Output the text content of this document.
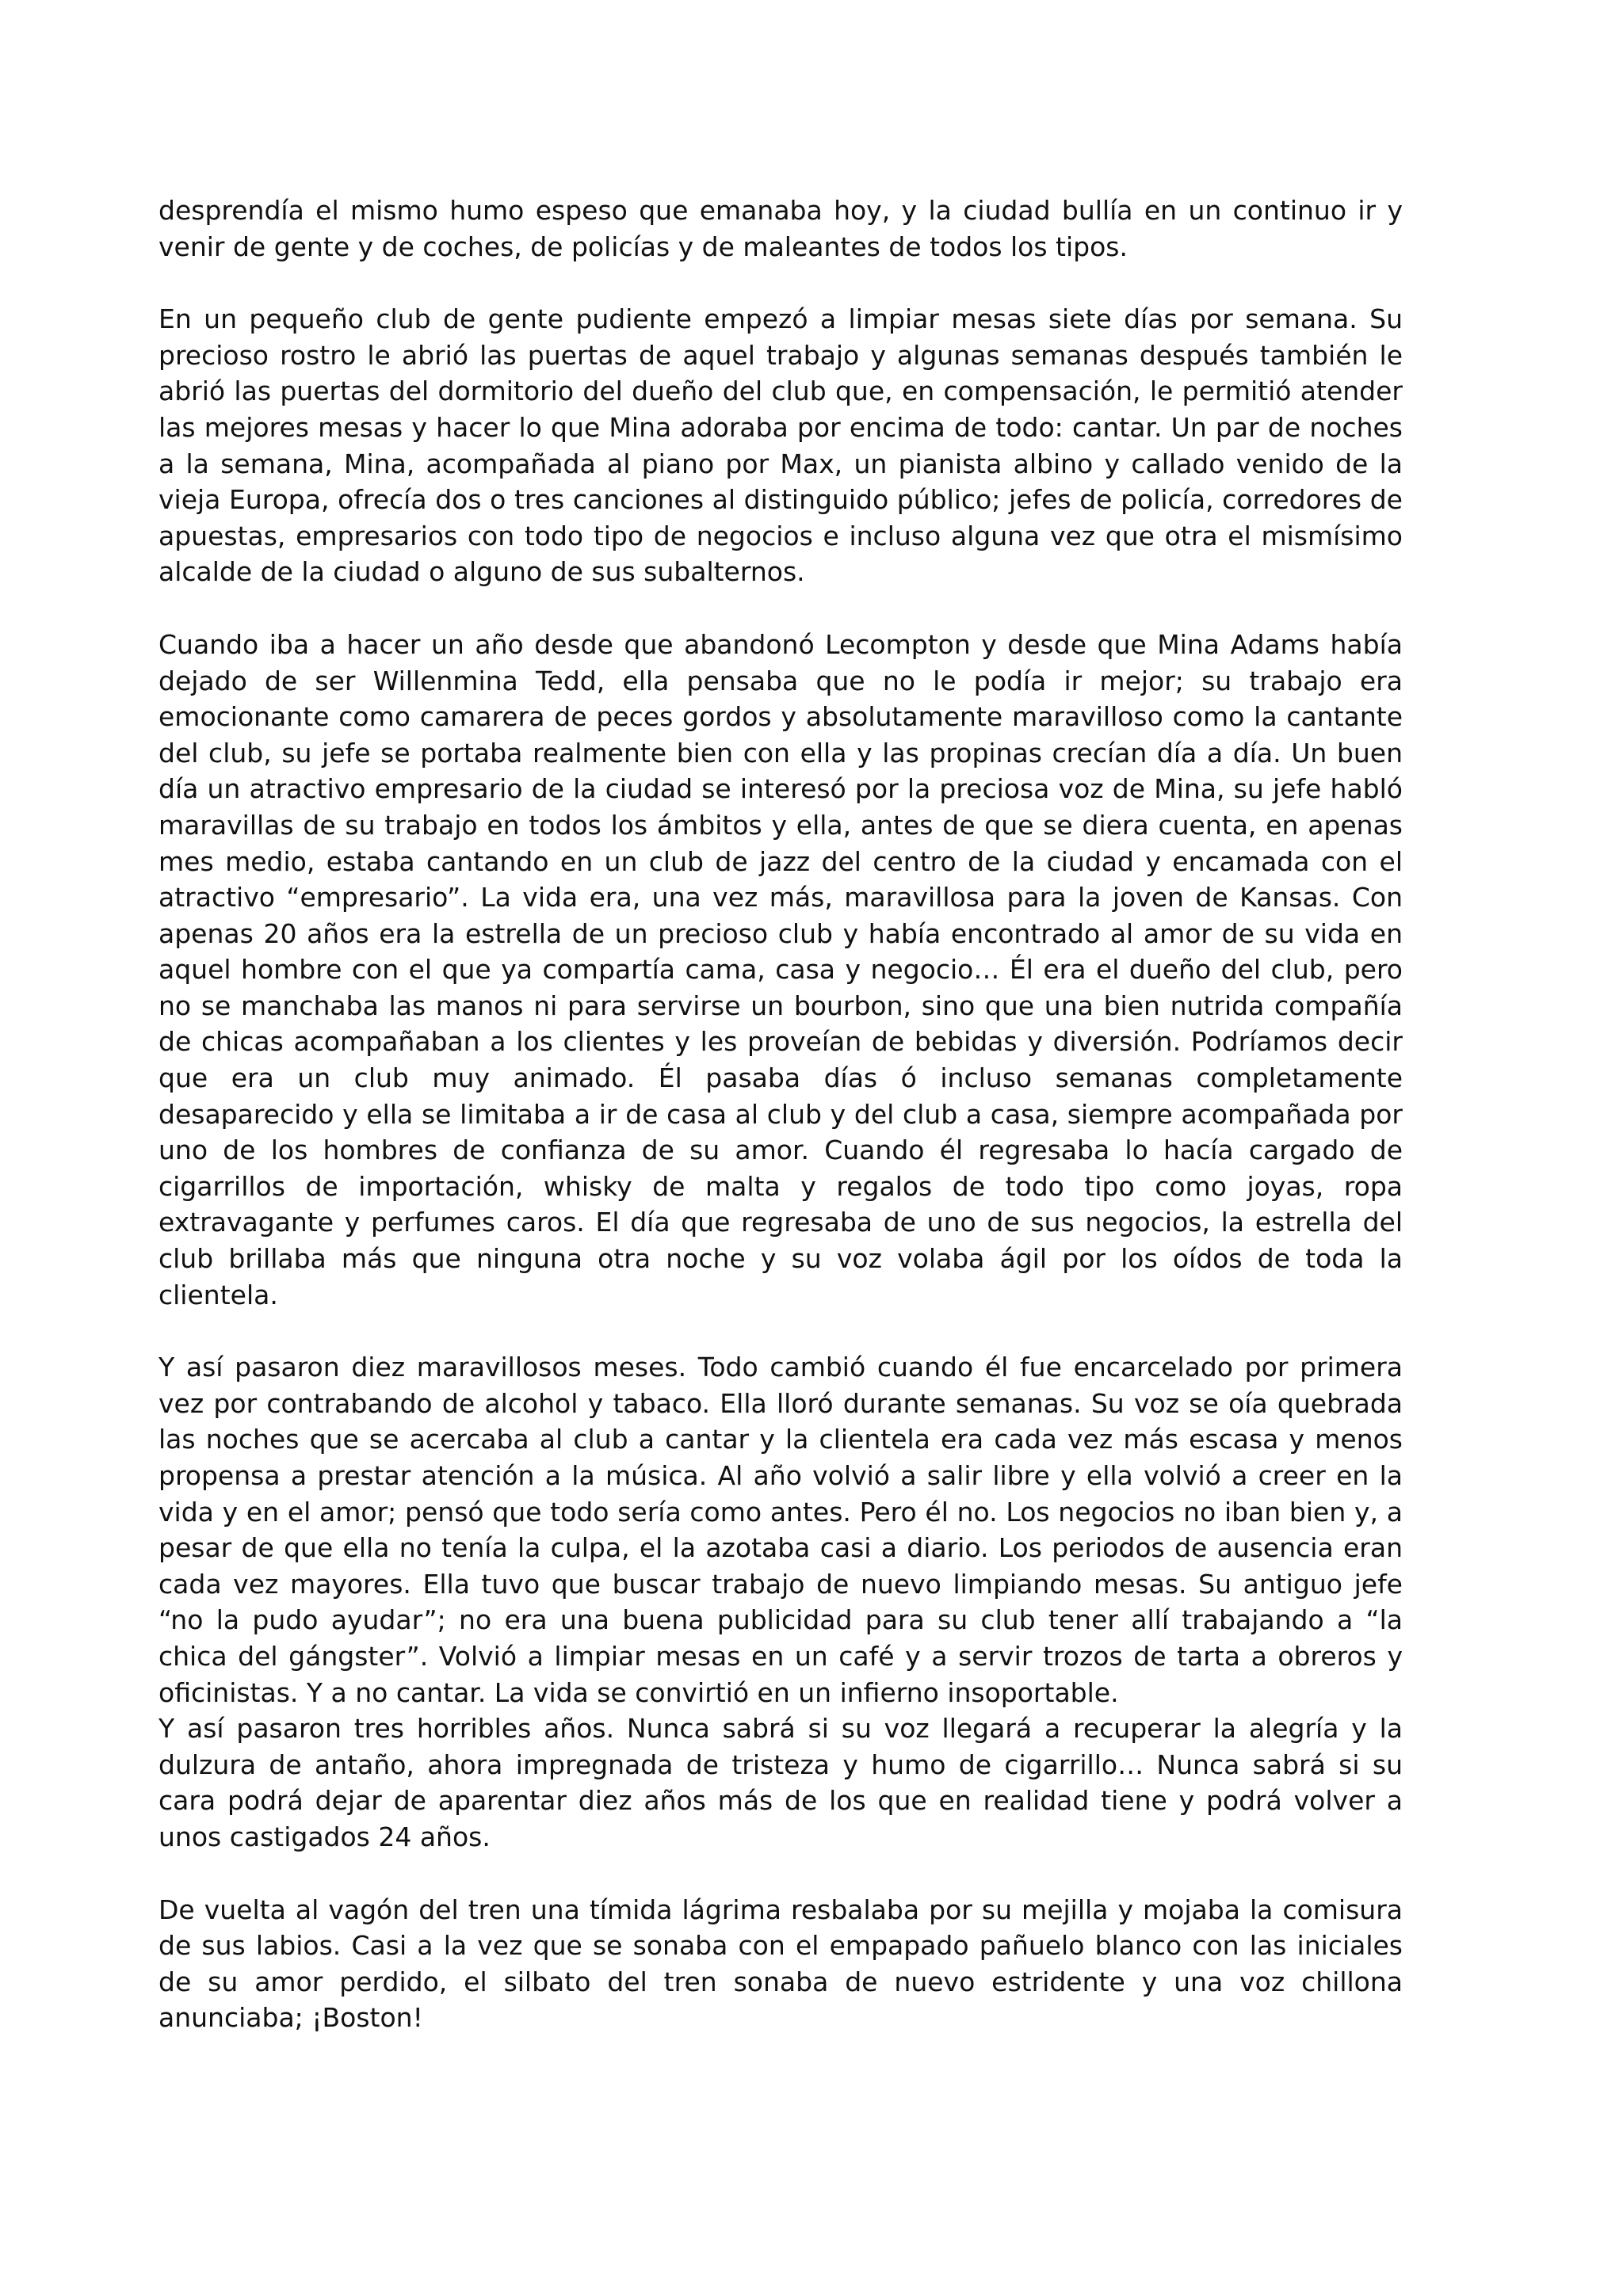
desprendía el mismo humo espeso que emanaba hoy, y la ciudad bullía en un continuo ir y venir de gente y de coches, de policías y de maleantes de todos los tipos.

En un pequeño club de gente pudiente empezó a limpiar mesas siete días por semana. Su precioso rostro le abrió las puertas de aquel trabajo y algunas semanas después también le abrió las puertas del dormitorio del dueño del club que, en compensación, le permitió atender las mejores mesas y hacer lo que Mina adoraba por encima de todo: cantar. Un par de noches a la semana, Mina, acompañada al piano por Max, un pianista albino y callado venido de la vieja Europa, ofrecía dos o tres canciones al distinguido público; jefes de policía, corredores de apuestas, empresarios con todo tipo de negocios e incluso alguna vez que otra el mismísimo alcalde de la ciudad o alguno de sus subalternos.

Cuando iba a hacer un año desde que abandonó Lecompton y desde que Mina Adams había dejado de ser Willenmina Tedd, ella pensaba que no le podía ir mejor; su trabajo era emocionante como camarera de peces gordos y absolutamente maravilloso como la cantante del club, su jefe se portaba realmente bien con ella y las propinas crecían día a día. Un buen día un atractivo empresario de la ciudad se interesó por la preciosa voz de Mina, su jefe habló maravillas de su trabajo en todos los ámbitos y ella, antes de que se diera cuenta, en apenas mes medio, estaba cantando en un club de jazz del centro de la ciudad y encamada con el atractivo “empresario”. La vida era, una vez más, maravillosa para la joven de Kansas. Con apenas 20 años era la estrella de un precioso club y había encontrado al amor de su vida en aquel hombre con el que ya compartía cama, casa y negocio… Él era el dueño del club, pero no se manchaba las manos ni para servirse un bourbon, sino que una bien nutrida compañía de chicas acompañaban a los clientes y les proveían de bebidas y diversión. Podríamos decir que era un club muy animado. Él pasaba días ó incluso semanas completamente desaparecido y ella se limitaba a ir de casa al club y del club a casa, siempre acompañada por uno de los hombres de confianza de su amor. Cuando él regresaba lo hacía cargado de cigarrillos de importación, whisky de malta y regalos de todo tipo como joyas, ropa extravagante y perfumes caros. El día que regresaba de uno de sus negocios, la estrella del club brillaba más que ninguna otra noche y su voz volaba ágil por los oídos de toda la clientela.

Y así pasaron diez maravillosos meses. Todo cambió cuando él fue encarcelado por primera vez por contrabando de alcohol y tabaco. Ella lloró durante semanas. Su voz se oía quebrada las noches que se acercaba al club a cantar y la clientela era cada vez más escasa y menos propensa a prestar atención a la música. Al año volvió a salir libre y ella volvió a creer en la vida y en el amor; pensó que todo sería como antes. Pero él no. Los negocios no iban bien y, a pesar de que ella no tenía la culpa, el la azotaba casi a diario. Los periodos de ausencia eran cada vez mayores. Ella tuvo que buscar trabajo de nuevo limpiando mesas. Su antiguo jefe “no la pudo ayudar”; no era una buena publicidad para su club tener allí trabajando a “la chica del gángster”. Volvió a limpiar mesas en un café y a servir trozos de tarta a obreros y oficinistas. Y a no cantar. La vida se convirtió en un infierno insoportable.

Y así pasaron tres horribles años. Nunca sabrá si su voz llegará a recuperar la alegría y la dulzura de antaño, ahora impregnada de tristeza y humo de cigarrillo… Nunca sabrá si su cara podrá dejar de aparentar diez años más de los que en realidad tiene y podrá volver a unos castigados 24 años.

De vuelta al vagón del tren una tímida lágrima resbalaba por su mejilla y mojaba la comisura de sus labios. Casi a la vez que se sonaba con el empapado pañuelo blanco con las iniciales de su amor perdido, el silbato del tren sonaba de nuevo estridente y una voz chillona anunciaba; ¡Boston!
